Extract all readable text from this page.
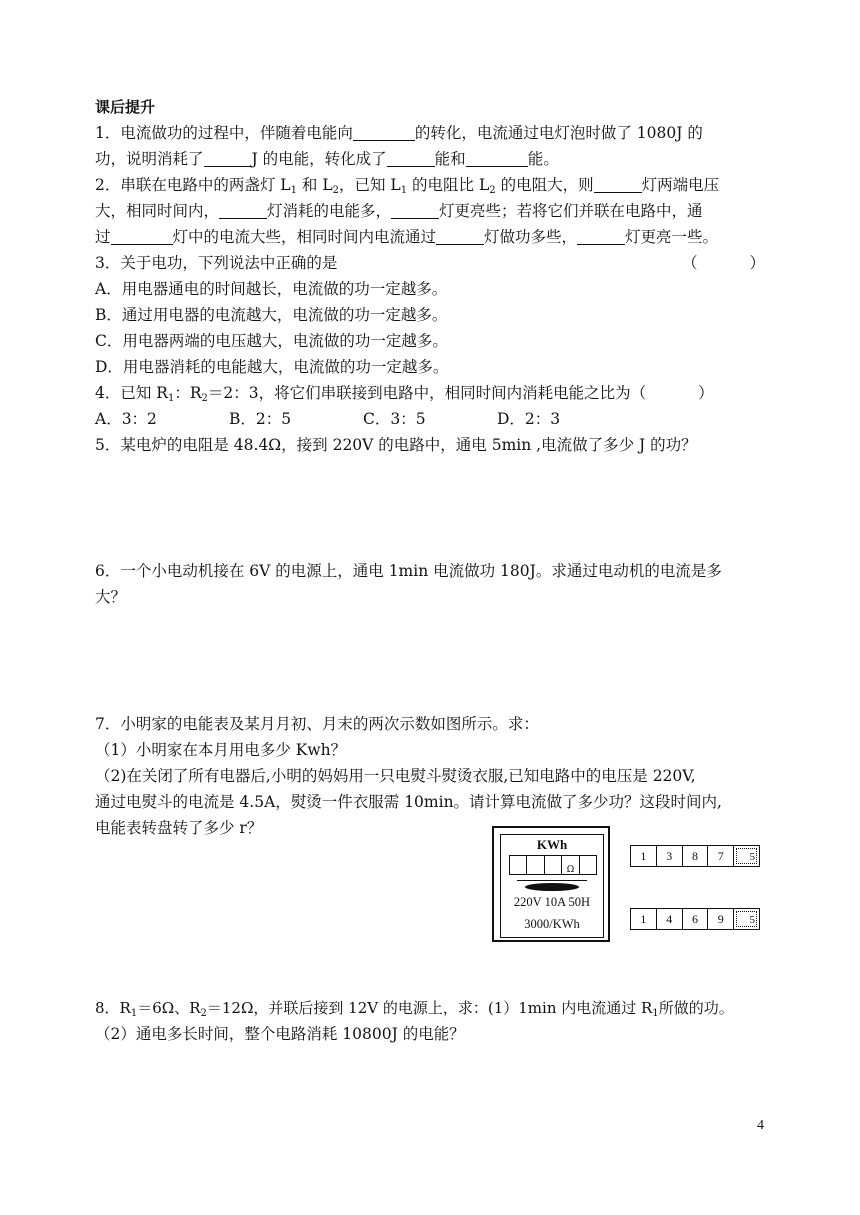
课后提升
1．电流做功的过程中，伴随着电能向	的转化，电流通过电灯泡时做了 1080J 的
功，说明消耗了	J 的电能，转化成了	能和	能。
2．串联在电路中的两盏灯 $L_1$ 和 $L_2$，已知 $L_1$ 的电阻比 $L_2$ 的电阻大，则	灯两端电压
大，相同时间内，	灯消耗的电能多，	灯更亮些；若将它们并联在电路中，通
过	灯中的电流大些，相同时间内电流通过	灯做功多些，	灯更亮一些。
3．关于电功，下列说法中正确的是	（	）
A．用电器通电的时间越长，电流做的功一定越多。
B．通过用电器的电流越大，电流做的功一定越多。
C．用电器两端的电压越大，电流做的功一定越多。
D．用电器消耗的电能越大，电流做的功一定越多。
4．已知 $R_1$：$R_2=2$：3，将它们串联接到电路中，相同时间内消耗电能之比为（	）
A．3：2	B．2：5	C．3：5	D．2：3
5．某电炉的电阻是 48.4Ω，接到 220V 的电路中，通电 5min ,电流做了多少 J 的功？
6．一个小电动机接在 6V 的电源上，通电 1min 电流做功 180J。求通过电动机的电流是多
大？
7．小明家的电能表及某月月初、月末的两次示数如图所示。求：
（1）小明家在本月用电多少 Kwh？
（2)在关闭了所有电器后,小明的妈妈用一只电熨斗熨烫衣服,已知电路中的电压是 220V,
通过电熨斗的电流是 4.5A，熨烫一件衣服需 10min。请计算电流做了多少功？这段时间内,
电能表转盘转了多少 r？
KWh
Ω
220V 10A 50H
3000/KWh
1	3	8	7	5
1	4	6	9	5
8．$R_1=6\Omega$、$R_2=12\Omega$，并联后接到 12V 的电源上，求：(1）1min 内电流通过 $R_1$所做的功。
（2）通电多长时间，整个电路消耗 10800J 的电能？
4
